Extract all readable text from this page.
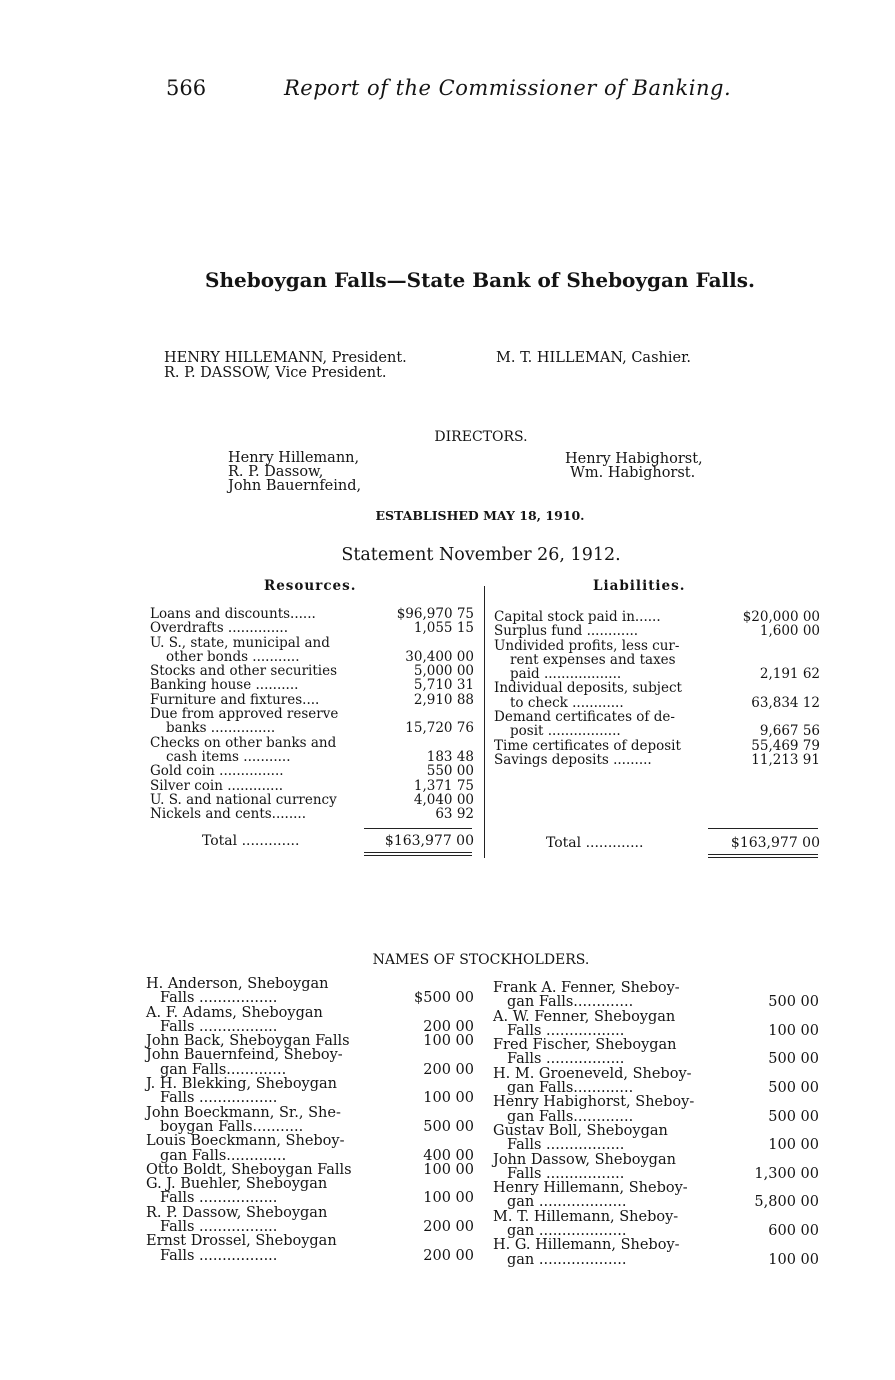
566	Report of the Commissioner of Banking.
Sheboygan Falls—State Bank of Sheboygan Falls.
HENRY HILLEMANN, President.
R. P. DASSOW, Vice President.
M. T. HILLEMAN, Cashier.
DIRECTORS.
Henry Hillemann,
R. P. Dassow,
John Bauernfeind,
Henry Habighorst,
Wm. Habighorst.
ESTABLISHED MAY 18, 1910.
Statement November 26, 1912.
Resources.	Liabilities.
Loans and discounts......	$96,970 75
Overdrafts ..............	1,055 15
U. S., state, municipal and
other bonds ...........	30,400 00
Stocks and other securities	5,000 00
Banking house ..........	5,710 31
Furniture and fixtures....	2,910 88
Due from approved reserve
banks ...............	15,720 76
Checks on other banks and
cash items ...........	183 48
Gold coin ...............	550 00
Silver coin .............	1,371 75
U. S. and national currency	4,040 00
Nickels and cents........	63 92
Capital stock paid in......	$20,000 00
Surplus fund ............	1,600 00
Undivided profits, less cur-
rent expenses and taxes
paid ..................	2,191 62
Individual deposits, subject
to check ............	63,834 12
Demand certificates of de-
posit .................	9,667 56
Time certificates of deposit	55,469 79
Savings deposits .........	11,213 91
Total .............	$163,977 00	Total .............	$163,977 00
NAMES OF STOCKHOLDERS.
H. Anderson, Sheboygan
Falls .................	$500 00
A. F. Adams, Sheboygan
Falls .................	200 00
John Back, Sheboygan Falls	100 00
John Bauernfeind, Sheboy-
gan Falls.............	200 00
J. H. Blekking, Sheboygan
Falls .................	100 00
John Boeckmann, Sr., She-
boygan Falls...........	500 00
Louis Boeckmann, Sheboy-
gan Falls.............	400 00
Otto Boldt, Sheboygan Falls	100 00
G. J. Buehler, Sheboygan
Falls .................	100 00
R. P. Dassow, Sheboygan
Falls .................	200 00
Ernst Drossel, Sheboygan
Falls .................	200 00
Frank A. Fenner, Sheboy-
gan Falls.............	500 00
A. W. Fenner, Sheboygan
Falls .................	100 00
Fred Fischer, Sheboygan
Falls .................	500 00
H. M. Groeneveld, Sheboy-
gan Falls.............	500 00
Henry Habighorst, Sheboy-
gan Falls.............	500 00
Gustav Boll, Sheboygan
Falls .................	100 00
John Dassow, Sheboygan
Falls .................	1,300 00
Henry Hillemann, Sheboy-
gan ...................	5,800 00
M. T. Hillemann, Sheboy-
gan ...................	600 00
H. G. Hillemann, Sheboy-
gan ...................	100 00
